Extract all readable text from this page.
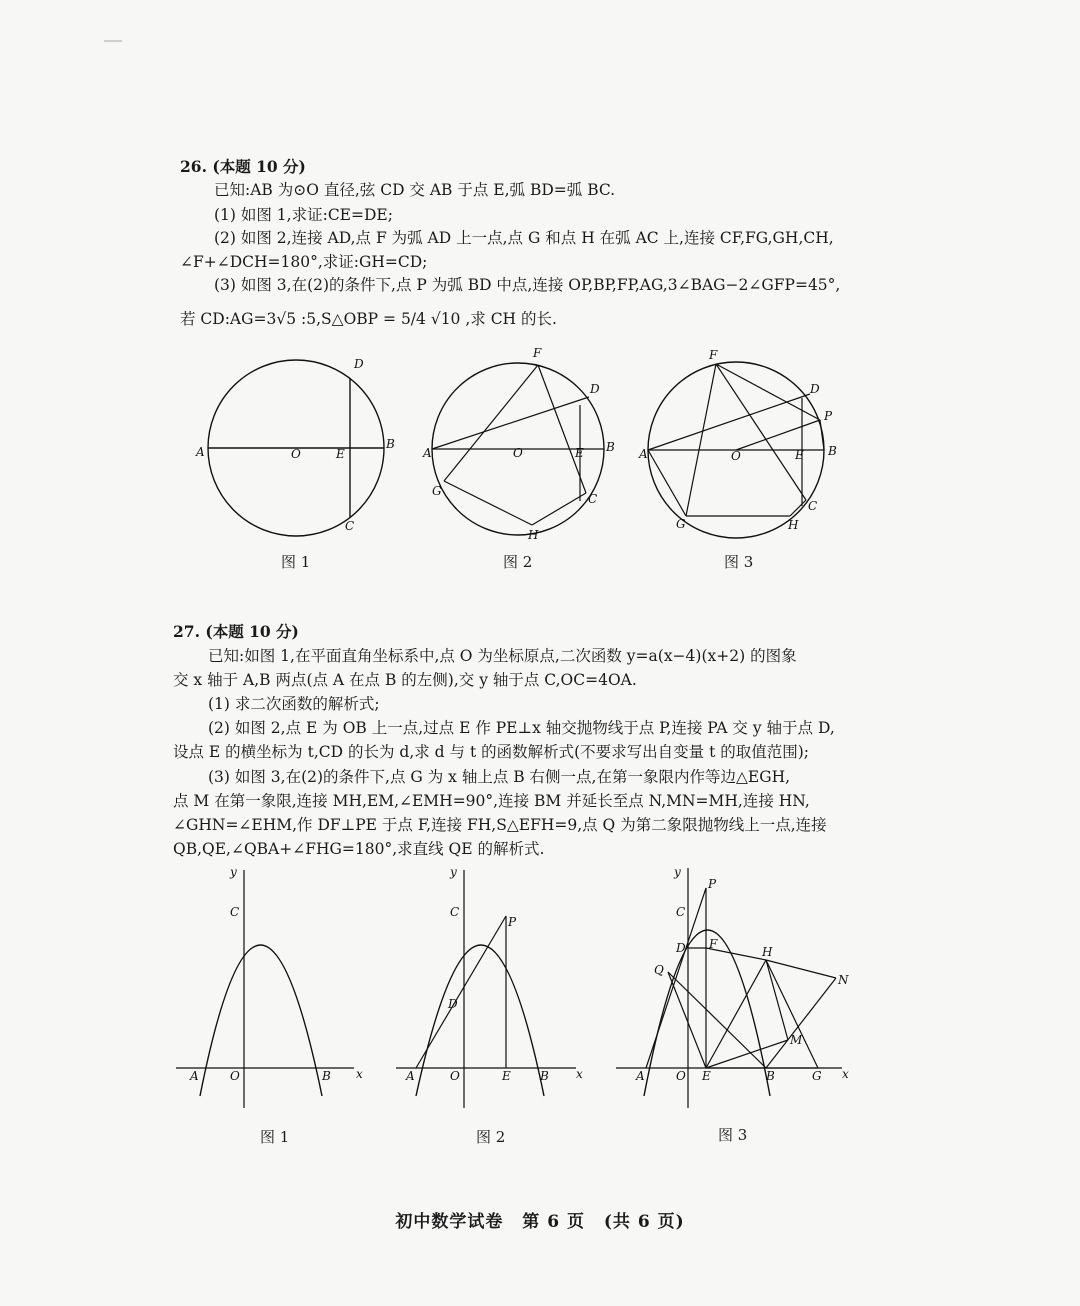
26. (本题 10 分)
已知:AB 为⊙O 直径,弦 CD 交 AB 于点 E,弧 BD=弧 BC.
(1) 如图 1,求证:CE=DE;
(2) 如图 2,连接 AD,点 F 为弧 AD 上一点,点 G 和点 H 在弧 AC 上,连接 CF,FG,GH,CH,
∠F+∠DCH=180°,求证:GH=CD;
(3) 如图 3,在(2)的条件下,点 P 为弧 BD 中点,连接 OP,BP,FP,AG,3∠BAG−2∠GFP=45°,
若 CD:AG=3√5 :5,S△OBP = 5/4 √10 ,求 CH 的长.
D
A	O	E
B
C
图 1
F
D
A	O	E B
G
C
H
图 2
F
D
P
A	O	E B
C
G	H
图 3
27. (本题 10 分)
已知:如图 1,在平面直角坐标系中,点 O 为坐标原点,二次函数 y=a(x−4)(x+2) 的图象
交 x 轴于 A,B 两点(点 A 在点 B 的左侧),交 y 轴于点 C,OC=4OA.
(1) 求二次函数的解析式;
(2) 如图 2,点 E 为 OB 上一点,过点 E 作 PE⊥x 轴交抛物线于点 P,连接 PA 交 y 轴于点 D,
设点 E 的横坐标为 t,CD 的长为 d,求 d 与 t 的函数解析式(不要求写出自变量 t 的取值范围);
(3) 如图 3,在(2)的条件下,点 G 为 x 轴上点 B 右侧一点,在第一象限内作等边△EGH,
点 M 在第一象限,连接 MH,EM,∠EMH=90°,连接 BM 并延长至点 N,MN=MH,连接 HN,
∠GHN=∠EHM,作 DF⊥PE 于点 F,连接 FH,S△EFH=9,点 Q 为第二象限抛物线上一点,连接
QB,QE,∠QBA+∠FHG=180°,求直线 QE 的解析式.
y
C
A	O	B x
图 1
y
C
P
D
A	O	E B x
图 2
y
P
C
D F
Q
H
N
M
A	O E	B	G x
图 3
初中数学试卷 第 6 页 (共 6 页)
